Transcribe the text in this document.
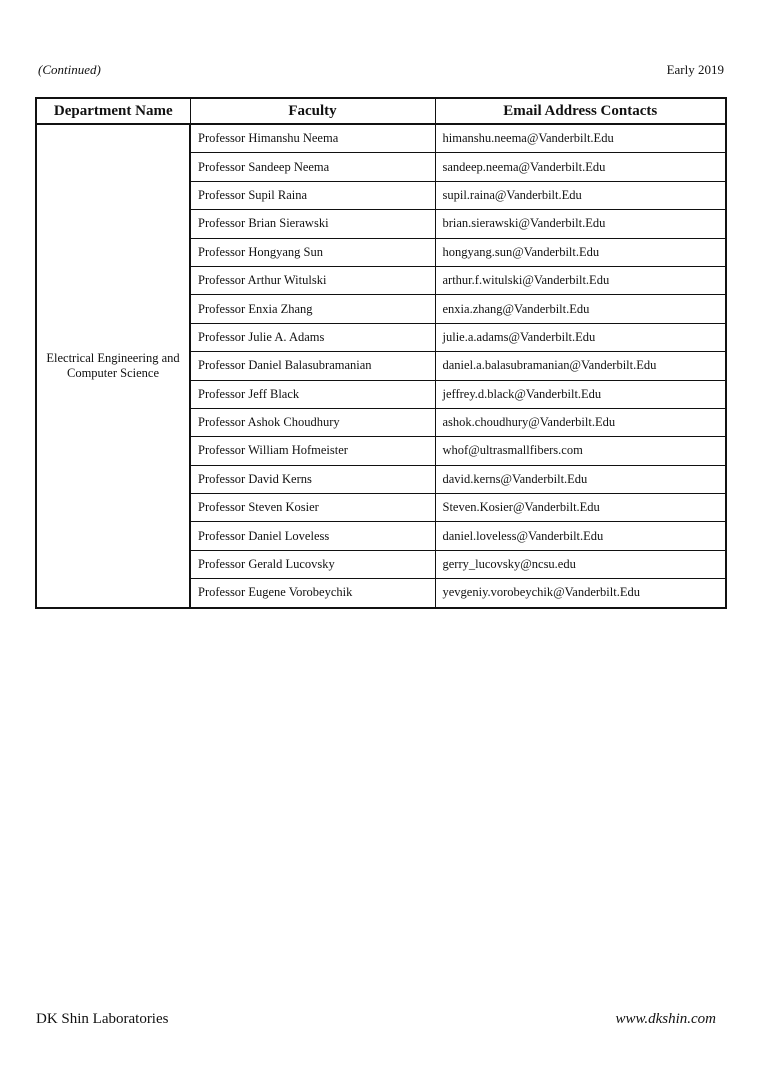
(Continued)	Early 2019
Department Name	Faculty	Email Address Contacts
Electrical Engineering and Computer Science	Professor Himanshu Neema	himanshu.neema@Vanderbilt.Edu
	Professor Sandeep Neema	sandeep.neema@Vanderbilt.Edu
	Professor Supil Raina	supil.raina@Vanderbilt.Edu
	Professor Brian Sierawski	brian.sierawski@Vanderbilt.Edu
	Professor Hongyang Sun	hongyang.sun@Vanderbilt.Edu
	Professor Arthur Witulski	arthur.f.witulski@Vanderbilt.Edu
	Professor Enxia Zhang	enxia.zhang@Vanderbilt.Edu
	Professor Julie A. Adams	julie.a.adams@Vanderbilt.Edu
	Professor Daniel Balasubramanian	daniel.a.balasubramanian@Vanderbilt.Edu
	Professor Jeff Black	jeffrey.d.black@Vanderbilt.Edu
	Professor Ashok Choudhury	ashok.choudhury@Vanderbilt.Edu
	Professor William Hofmeister	whof@ultrasmallfibers.com
	Professor David Kerns	david.kerns@Vanderbilt.Edu
	Professor Steven Kosier	Steven.Kosier@Vanderbilt.Edu
	Professor Daniel Loveless	daniel.loveless@Vanderbilt.Edu
	Professor Gerald Lucovsky	gerry_lucovsky@ncsu.edu
	Professor Eugene Vorobeychik	yevgeniy.vorobeychik@Vanderbilt.Edu
DK Shin Laboratories	www.dkshin.com
